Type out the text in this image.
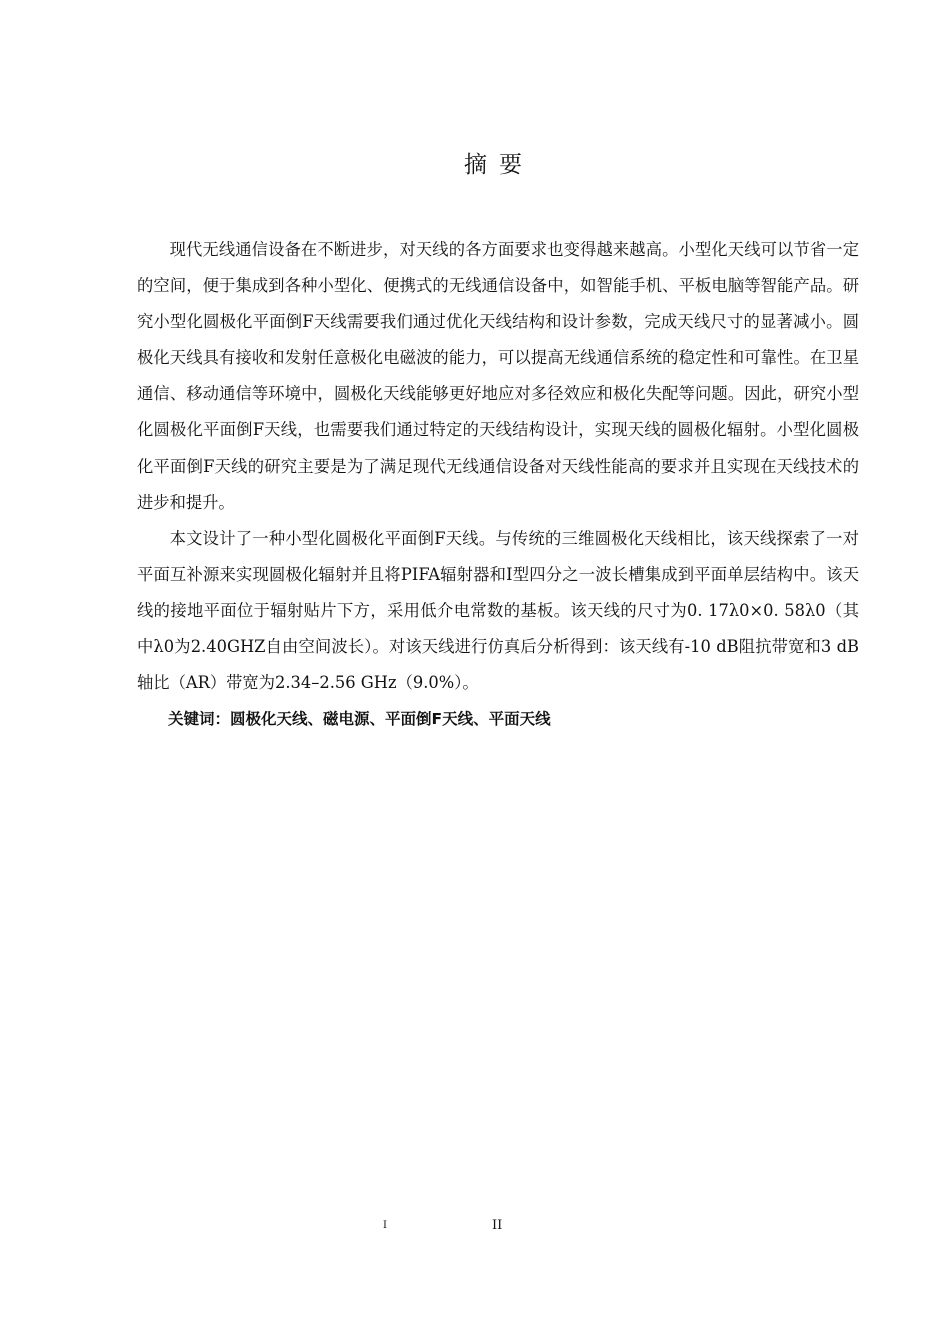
摘要

现代无线通信设备在不断进步，对天线的各方面要求也变得越来越高。小型化天线可以节省一定的空间，便于集成到各种小型化、便携式的无线通信设备中，如智能手机、平板电脑等智能产品。研究小型化圆极化平面倒F天线需要我们通过优化天线结构和设计参数，完成天线尺寸的显著减小。圆极化天线具有接收和发射任意极化电磁波的能力，可以提高无线通信系统的稳定性和可靠性。在卫星通信、移动通信等环境中，圆极化天线能够更好地应对多径效应和极化失配等问题。因此，研究小型化圆极化平面倒F天线，也需要我们通过特定的天线结构设计，实现天线的圆极化辐射。小型化圆极化平面倒F天线的研究主要是为了满足现代无线通信设备对天线性能高的要求并且实现在天线技术的进步和提升。

本文设计了一种小型化圆极化平面倒F天线。与传统的三维圆极化天线相比，该天线探索了一对平面互补源来实现圆极化辐射并且将PIFA辐射器和I型四分之一波长槽集成到平面单层结构中。该天线的接地平面位于辐射贴片下方，采用低介电常数的基板。该天线的尺寸为0. 17λ0×0. 58λ0（其中λ0为2.40GHZ自由空间波长）。对该天线进行仿真后分析得到：该天线有-10 dB阻抗带宽和3 dB轴比（AR）带宽为2.34–2.56 GHz（9.0%）。

关键词：圆极化天线、磁电源、平面倒F天线、平面天线

I	II
